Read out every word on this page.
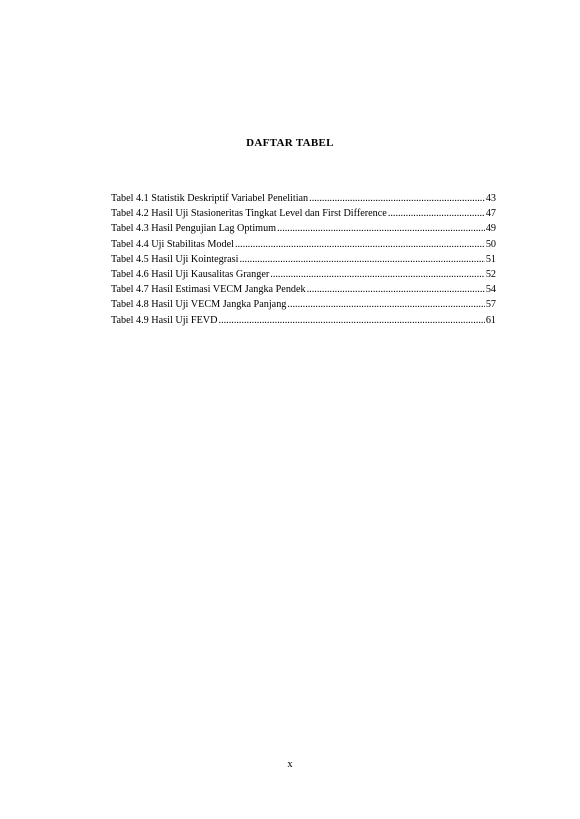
DAFTAR TABEL
Tabel 4.1 Statistik Deskriptif Variabel Penelitian .....	43
Tabel 4.2 Hasil Uji Stasioneritas Tingkat Level dan First Difference .....	47
Tabel 4.3 Hasil Pengujian Lag Optimum .....	49
Tabel 4.4 Uji Stabilitas Model .....	50
Tabel 4.5 Hasil Uji Kointegrasi .....	51
Tabel 4.6 Hasil Uji Kausalitas Granger .....	52
Tabel 4.7 Hasil Estimasi VECM Jangka Pendek .....	54
Tabel 4.8 Hasil Uji VECM Jangka Panjang .....	57
Tabel 4.9 Hasil Uji FEVD .....	61
x
